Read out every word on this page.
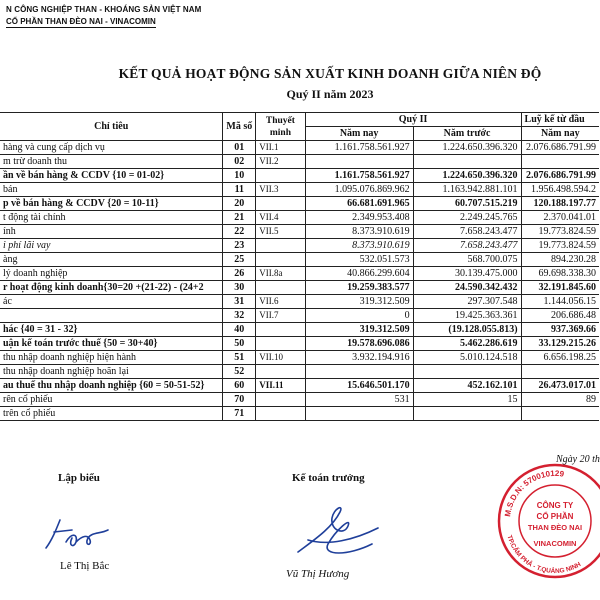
N CÔNG NGHIỆP THAN - KHOÁNG SẢN VIỆT NAM
CỔ PHẦN THAN ĐÈO NAI - VINACOMIN
KẾT QUẢ HOẠT ĐỘNG SẢN XUẤT KINH DOANH GIỮA NIÊN ĐỘ
Quý II năm 2023
Chỉ tiêu	Mã số	Thuyết minh	Quý II		Luỹ kế từ đầu
			Năm nay	Năm trước	Năm nay
hàng và cung cấp dịch vụ	01	VII.1	1.161.758.561.927	1.224.650.396.320	2.076.686.791.99
m trừ doanh thu	02	VII.2			
ần về bán hàng & CCDV {10 = 01-02}	10		1.161.758.561.927	1.224.650.396.320	2.076.686.791.99
bán	11	VII.3	1.095.076.869.962	1.163.942.881.101	1.956.498.594.2
p về bán hàng & CCDV {20 = 10-11}	20		66.681.691.965	60.707.515.219	120.188.197.77
t động tài chính	21	VII.4	2.349.953.408	2.249.245.765	2.370.041.01
ính	22	VII.5	8.373.910.619	7.658.243.477	19.773.824.59
i phí lãi vay	23		8.373.910.619	7.658.243.477	19.773.824.59
àng	25		532.051.573	568.700.075	894.230.28
lý doanh nghiệp	26	VII.8a	40.866.299.604	30.139.475.000	69.698.338.30
r hoạt động kinh doanh{30=20 +(21-22) - (24+2	30		19.259.383.577	24.590.342.432	32.191.845.60
ác	31	VII.6	319.312.509	297.307.548	1.144.056.15
	32	VII.7	0	19.425.363.361	206.686.48
hác {40 = 31 - 32}	40		319.312.509	(19.128.055.813)	937.369.66
uận kế toán trước thuế {50 = 30+40}	50		19.578.696.086	5.462.286.619	33.129.215.26
thu nhập doanh nghiệp hiện hành	51	VII.10	3.932.194.916	5.010.124.518	6.656.198.25
thu nhập doanh nghiệp hoãn lại	52				
au thuế thu nhập doanh nghiệp {60 = 50-51-52}	60	VII.11	15.646.501.170	452.162.101	26.473.017.01
rên cổ phiếu	70		531	15	89
trên cổ phiếu	71				
Ngày 20 th
Lập biểu
Lê Thị Bắc
Kế toán trưởng
Vũ Thị Hương
M.S.D.N: 570010129
TP.CẨM PHẢ - T.QUẢNG NINH
CÔNG TY
CỔ PHẦN
THAN ĐÈO NAI
VINACOMIN
